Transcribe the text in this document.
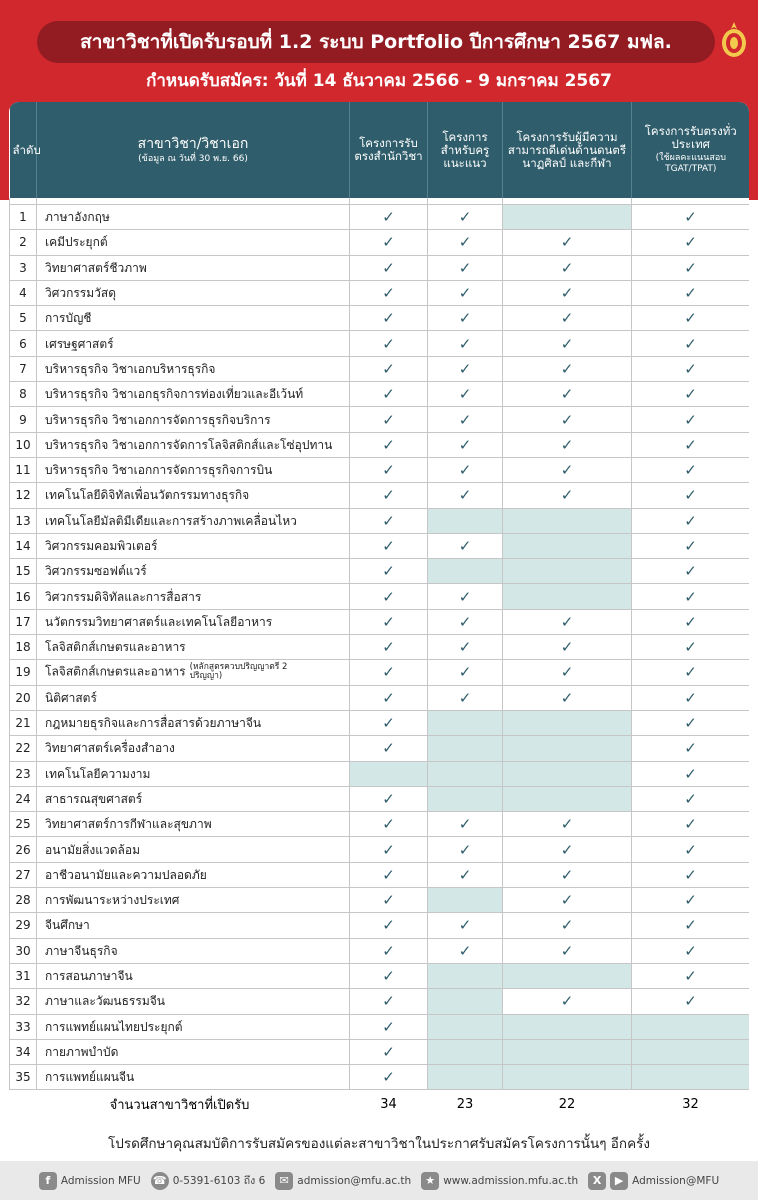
สาขาวิชาที่เปิดรับรอบที่ 1.2 ระบบ Portfolio ปีการศึกษา 2567 มฟล.
กำหนดรับสมัคร: วันที่ 14 ธันวาคม 2566 - 9 มกราคม 2567
ลำดับ	สาขาวิชา/วิชาเอก
(ข้อมูล ณ วันที่ 30 พ.ย. 66)	โครงการรับตรงสำนักวิชา	โครงการสำหรับครูแนะแนว	โครงการรับผู้มีความสามารถดีเด่นด้านดนตรี นาฏศิลป์ และกีฬา	โครงการรับตรงทั่วประเทศ
(ใช้ผลคะแนนสอบ TGAT/TPAT)

1	ภาษาอังกฤษ	✓	✓		✓
2	เคมีประยุกต์	✓	✓	✓	✓
3	วิทยาศาสตร์ชีวภาพ	✓	✓	✓	✓
4	วิศวกรรมวัสดุ	✓	✓	✓	✓
5	การบัญชี	✓	✓	✓	✓
6	เศรษฐศาสตร์	✓	✓	✓	✓
7	บริหารธุรกิจ วิชาเอกบริหารธุรกิจ	✓	✓	✓	✓
8	บริหารธุรกิจ วิชาเอกธุรกิจการท่องเที่ยวและอีเว้นท์	✓	✓	✓	✓
9	บริหารธุรกิจ วิชาเอกการจัดการธุรกิจบริการ	✓	✓	✓	✓
10	บริหารธุรกิจ วิชาเอกการจัดการโลจิสติกส์และโซ่อุปทาน	✓	✓	✓	✓
11	บริหารธุรกิจ วิชาเอกการจัดการธุรกิจการบิน	✓	✓	✓	✓
12	เทคโนโลยีดิจิทัลเพื่อนวัตกรรมทางธุรกิจ	✓	✓	✓	✓
13	เทคโนโลยีมัลติมีเดียและการสร้างภาพเคลื่อนไหว	✓			✓
14	วิศวกรรมคอมพิวเตอร์	✓	✓		✓
15	วิศวกรรมซอฟต์แวร์	✓			✓
16	วิศวกรรมดิจิทัลและการสื่อสาร	✓	✓		✓
17	นวัตกรรมวิทยาศาสตร์และเทคโนโลยีอาหาร	✓	✓	✓	✓
18	โลจิสติกส์เกษตรและอาหาร	✓	✓	✓	✓
19	โลจิสติกส์เกษตรและอาหาร (หลักสูตรควบปริญญาตรี 2 ปริญญา)	✓	✓	✓	✓
20	นิติศาสตร์	✓	✓	✓	✓
21	กฎหมายธุรกิจและการสื่อสารด้วยภาษาจีน	✓			✓
22	วิทยาศาสตร์เครื่องสำอาง	✓			✓
23	เทคโนโลยีความงาม				✓
24	สาธารณสุขศาสตร์	✓			✓
25	วิทยาศาสตร์การกีฬาและสุขภาพ	✓	✓	✓	✓
26	อนามัยสิ่งแวดล้อม	✓	✓	✓	✓
27	อาชีวอนามัยและความปลอดภัย	✓	✓	✓	✓
28	การพัฒนาระหว่างประเทศ	✓		✓	✓
29	จีนศึกษา	✓	✓	✓	✓
30	ภาษาจีนธุรกิจ	✓	✓	✓	✓
31	การสอนภาษาจีน	✓			✓
32	ภาษาและวัฒนธรรมจีน	✓		✓	✓
33	การแพทย์แผนไทยประยุกต์	✓			
34	กายภาพบำบัด	✓			
35	การแพทย์แผนจีน	✓			
จำนวนสาขาวิชาที่เปิดรับ		34	23	22	32
โปรดศึกษาคุณสมบัติการรับสมัครของแต่ละสาขาวิชาในประกาศรับสมัครโครงการนั้นๆ อีกครั้ง
f	Admission MFU ☎ 0-5391-6103 ถึง 6	✉ admission@mfu.ac.th	★ www.admission.mfu.ac.th	X	▶ Admission@MFU
